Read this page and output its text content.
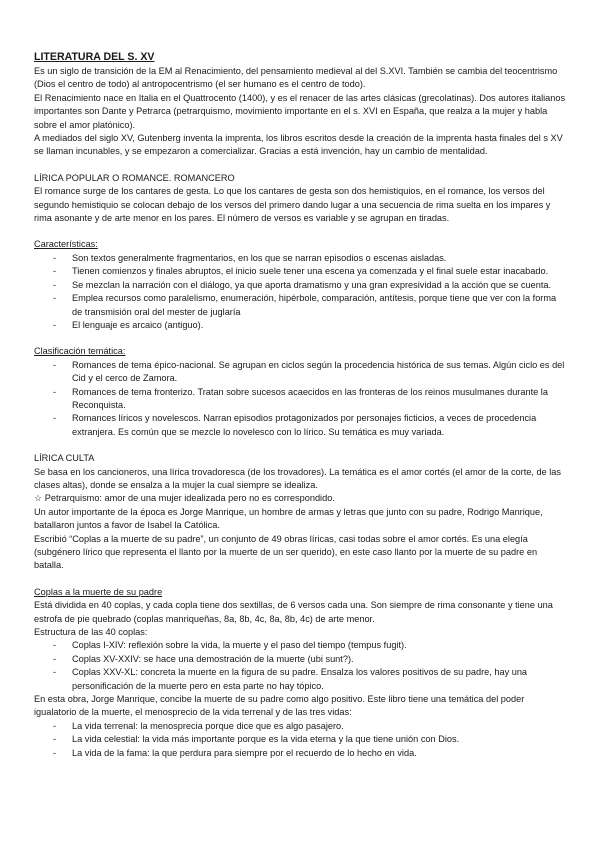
LITERATURA DEL S. XV

Es un siglo de transición de la EM al Renacimiento, del pensamiento medieval al del S.XVI. También se cambia del teocentrismo (Dios el centro de todo) al antropocentrismo (el ser humano es el centro de todo).

El Renacimiento nace en Italia en el Quattrocento (1400), y es el renacer de las artes clásicas (grecolatinas). Dos autores italianos importantes son Dante y Petrarca (petrarquismo, movimiento importante en el s. XVI en España, que realza a la mujer y habla sobre el amor platónico).

A mediados del siglo XV, Gutenberg inventa la imprenta, los libros escritos desde la creación de la imprenta hasta finales del s XV se llaman incunables, y se empezaron a comercializar. Gracias a está invención, hay un cambio de mentalidad.

LÍRICA POPULAR O ROMANCE. ROMANCERO

El romance surge de los cantares de gesta. Lo que los cantares de gesta son dos hemistiquios, en el romance, los versos del segundo hemistiquio se colocan debajo de los versos del primero dando lugar a una secuencia de rima suelta en los impares y rima asonante y de arte menor en los pares. El número de versos es variable y se agrupan en tiradas.

Características:

- Son textos generalmente fragmentarios, en los que se narran episodios o escenas aisladas.
- Tienen comienzos y finales abruptos, el inicio suele tener una escena ya comenzada y el final suele estar inacabado.
- Se mezclan la narración con el diálogo, ya que aporta dramatismo y una gran expresividad a la acción que se cuenta.
- Emplea recursos como paralelismo, enumeración, hipérbole, comparación, antítesis, porque tiene que ver con la forma de transmisión oral del mester de juglaría
- El lenguaje es arcaico (antiguo).

Clasificación temática:

- Romances de tema épico-nacional. Se agrupan en ciclos según la procedencia histórica de sus temas. Algún ciclo es del Cid y el cerco de Zamora.
- Romances de tema fronterizo. Tratan sobre sucesos acaecidos en las fronteras de los reinos musulmanes durante la Reconquista.
- Romances líricos y novelescos. Narran episodios protagonizados por personajes ficticios, a veces de procedencia extranjera. Es común que se mezcle lo novelesco con lo lírico. Su temática es muy variada.

LÍRICA CULTA

Se basa en los cancioneros, una lírica trovadoresca (de los trovadores). La temática es el amor cortés (el amor de la corte, de las clases altas), donde se ensalza a la mujer la cual siempre se idealiza.

☆ Petrarquismo: amor de una mujer idealizada pero no es correspondido.

Un autor importante de la época es Jorge Manrique, un hombre de armas y letras que junto con su padre, Rodrigo Manrique, batallaron juntos a favor de Isabel la Católica.

Escribió “Coplas a la muerte de su padre”, un conjunto de 49 obras líricas, casi todas sobre el amor cortés. Es una elegía (subgénero lírico que representa el llanto por la muerte de un ser querido), en este caso llanto por la muerte de su padre en batalla.

Coplas a la muerte de su padre

Está dividida en 40 coplas, y cada copla tiene dos sextillas, de 6 versos cada una. Son siempre de rima consonante y tiene una estrofa de pie quebrado (coplas manriqueñas, 8a, 8b, 4c, 8a, 8b, 4c) de arte menor.

Estructura de las 40 coplas:

- Coplas I-XIV: reflexión sobre la vida, la muerte y el paso del tiempo (tempus fugit).
- Coplas XV-XXIV: se hace una demostración de la muerte (ubi sunt?).
- Coplas XXV-XL: concreta la muerte en la figura de su padre. Ensalza los valores positivos de su padre, hay una personificación de la muerte pero en esta parte no hay tópico.

En esta obra, Jorge Manrique, concibe la muerte de su padre como algo positivo. Este libro tiene una temática del poder igualatorio de la muerte, el menosprecio de la vida terrenal y de las tres vidas:

- La vida terrenal: la menosprecia porque dice que es algo pasajero.
- La vida celestial: la vida más importante porque es la vida eterna y la que tiene unión con Dios.
- La vida de la fama: la que perdura para siempre por el recuerdo de lo hecho en vida.
